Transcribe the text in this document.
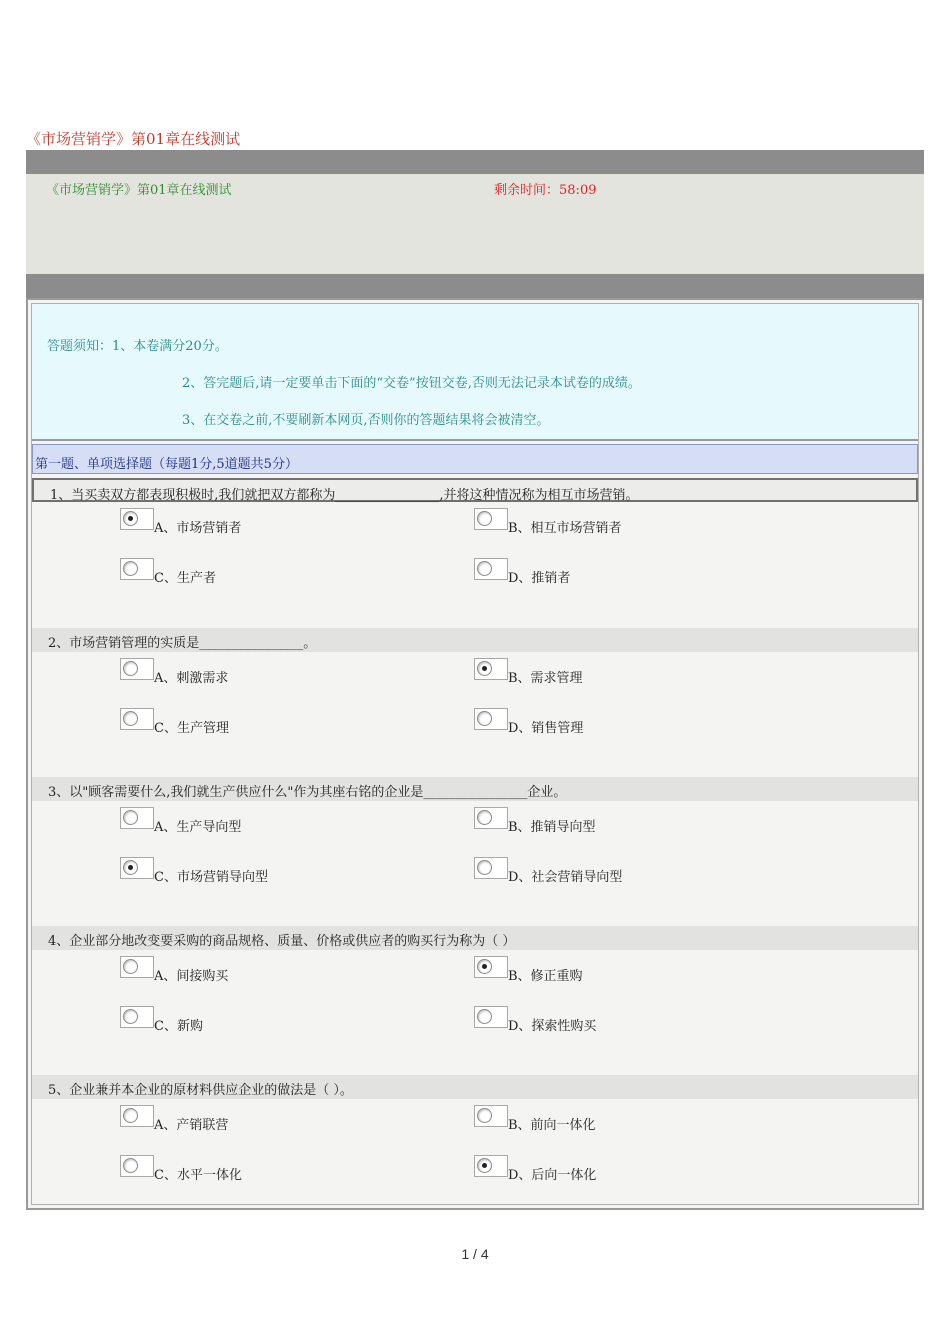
《市场营销学》第01章在线测试
《市场营销学》第01章在线测试	剩余时间：58:09
答题须知：1、本卷满分20分。
2、答完题后,请一定要单击下面的“交卷”按钮交卷,否则无法记录本试卷的成绩。
3、在交卷之前,不要刷新本网页,否则你的答题结果将会被清空。
第一题、单项选择题（每题1分,5道题共5分）
1、当买卖双方都表现积极时,我们就把双方都称为________________,并将这种情况称为相互市场营销。
A、市场营销者	B、相互市场营销者
C、生产者	D、推销者
2、市场营销管理的实质是________________。
A、刺激需求	B、需求管理
C、生产管理	D、销售管理
3、以"顾客需要什么,我们就生产供应什么"作为其座右铭的企业是________________企业。
A、生产导向型	B、推销导向型
C、市场营销导向型	D、社会营销导向型
4、企业部分地改变要采购的商品规格、质量、价格或供应者的购买行为称为（ ）
A、间接购买	B、修正重购
C、新购	D、探索性购买
5、企业兼并本企业的原材料供应企业的做法是（ ）。
A、产销联营	B、前向一体化
C、水平一体化	D、后向一体化
1 / 4
